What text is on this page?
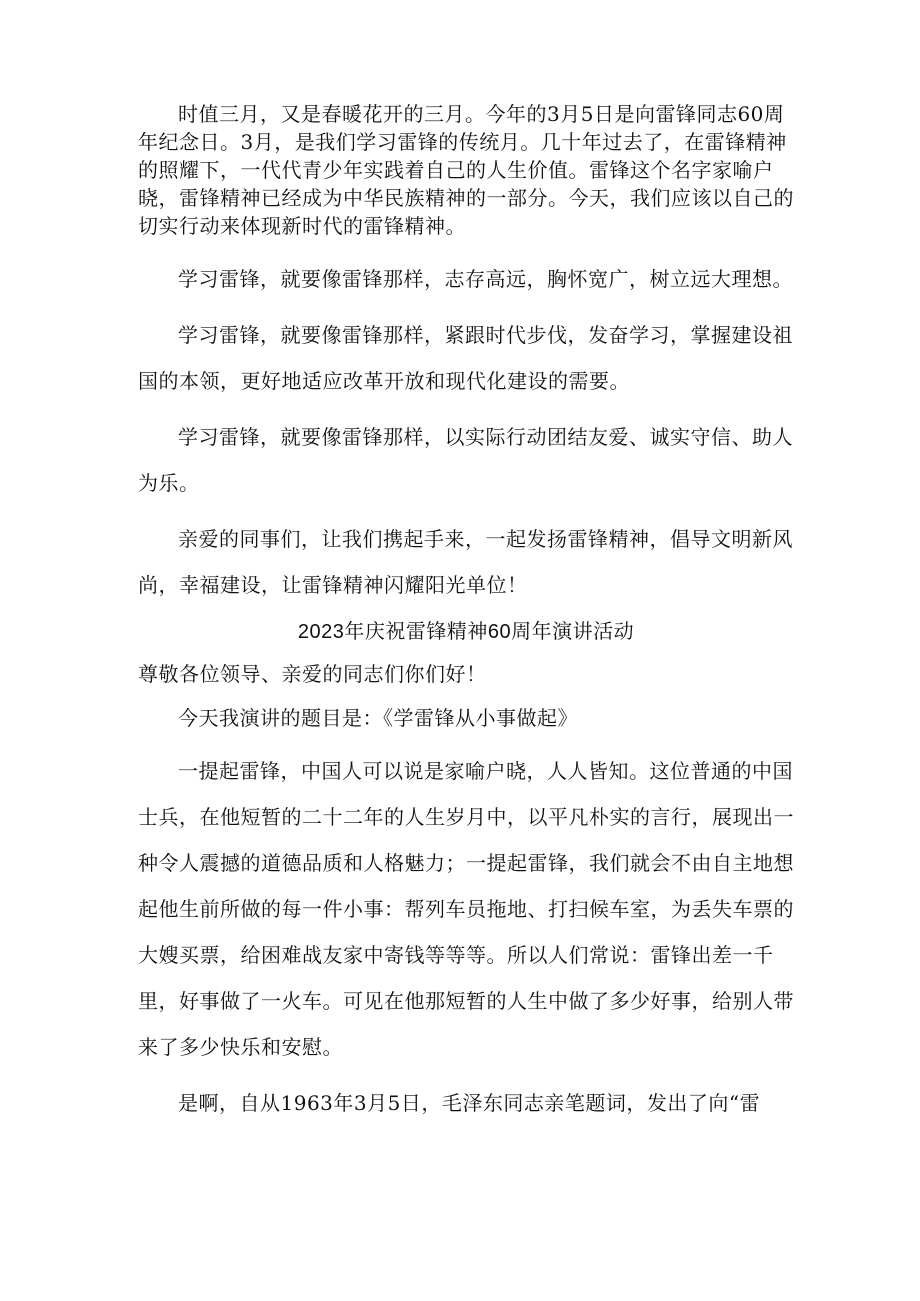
时值三月，又是春暖花开的三月。今年的3月5日是向雷锋同志60周年纪念日。3月，是我们学习雷锋的传统月。几十年过去了，在雷锋精神的照耀下，一代代青少年实践着自己的人生价值。雷锋这个名字家喻户晓，雷锋精神已经成为中华民族精神的一部分。今天，我们应该以自己的切实行动来体现新时代的雷锋精神。

学习雷锋，就要像雷锋那样，志存高远，胸怀宽广，树立远大理想。

学习雷锋，就要像雷锋那样，紧跟时代步伐，发奋学习，掌握建设祖国的本领，更好地适应改革开放和现代化建设的需要。

学习雷锋，就要像雷锋那样，以实际行动团结友爱、诚实守信、助人为乐。

亲爱的同事们，让我们携起手来，一起发扬雷锋精神，倡导文明新风尚，幸福建设，让雷锋精神闪耀阳光单位！

2023年庆祝雷锋精神60周年演讲活动

尊敬各位领导、亲爱的同志们你们好！

今天我演讲的题目是：《学雷锋从小事做起》

一提起雷锋，中国人可以说是家喻户晓，人人皆知。这位普通的中国士兵，在他短暂的二十二年的人生岁月中，以平凡朴实的言行，展现出一种令人震撼的道德品质和人格魅力；一提起雷锋，我们就会不由自主地想起他生前所做的每一件小事：帮列车员拖地、打扫候车室，为丢失车票的大嫂买票，给困难战友家中寄钱等等等。所以人们常说：雷锋出差一千里，好事做了一火车。可见在他那短暂的人生中做了多少好事，给别人带来了多少快乐和安慰。

是啊，自从1963年3月5日，毛泽东同志亲笔题词，发出了向“雷
